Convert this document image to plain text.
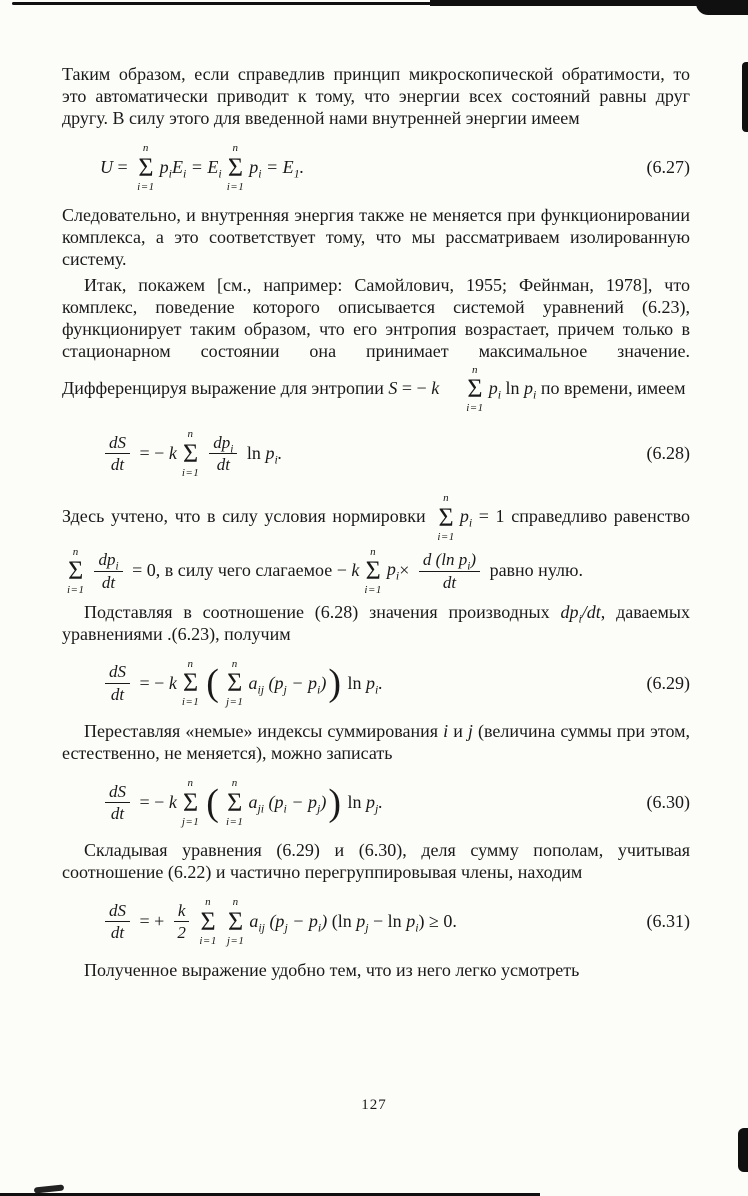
Таким образом, если справедлив принцип микроскопической обратимости, то это автоматически приводит к тому, что энергии всех состояний равны друг другу. В силу этого для введенной нами внутренней энергии имеем

U =
n
Σ
i=1
$p_iE_i = E_i$
n
Σ
i=1
$p_i = E_1$.	(6.27)

Следовательно, и внутренняя энергия также не меняется при функционировании комплекса, а это соответствует тому, что мы рассматриваем изолированную систему.

Итак, покажем [см., например: Самойлович, 1955; Фейнман, 1978], что комплекс, поведение которого описывается системой уравнений (6.23), функционирует таким образом, что его энтропия возрастает, причем только в стационарном состоянии она принимает максимальное значение. Дифференцируя выражение для энтропии S = − k
n
Σ
i=1
$p_i$ $\ln p_i$ по времени, имеем

$\frac{dS}{dt}$ = − k
n
Σ
$i=1 \frac{dp_i}{dt}$ $\ln p_i$.	(6.28)

Здесь учтено, что в силу условия нормировки
n
Σ
i=1
$p_i = 1$ справедливо равенство
n
Σ
$i=1 \frac{dp_i}{dt} = 0$, в силу чего слагаемое − k
n
Σ
i=1
$p_i\times \frac{d (\ln p_i)}{dt}$ равно нулю.

Подставляя в соотношение (6.28) значения производных $dp_i/dt$, даваемых уравнениями .(6.23), получим

$\frac{dS}{dt}$ = − k
n
Σ
i=1 ( n
Σ
j=1
$a_{ij}$ $(p_j - p_i)$ ) $\ln p_i$.	(6.29)

Переставляя «немые» индексы суммирования i и j (величина суммы при этом, естественно, не меняется), можно записать

$\frac{dS}{dt}$ = − k
n
Σ
j=1 ( n
Σ
i=1
$a_{ji}$ $(p_i - p_j)$ ) $\ln p_j$.	(6.30)

Складывая уравнения (6.29) и (6.30), деля сумму пополам, учитывая соотношение (6.22) и частично перегруппировывая члены, находим

$\frac{dS}{dt}$ = + $\frac{k}{2}$ n
Σ
i=1
n
Σ
j=1
$a_{ij}$ $(p_j - p_i)$ (ln $p_j - \ln p_i$ ) ≥ 0.	(6.31)

Полученное выражение удобно тем, что из него легко усмотреть

127
